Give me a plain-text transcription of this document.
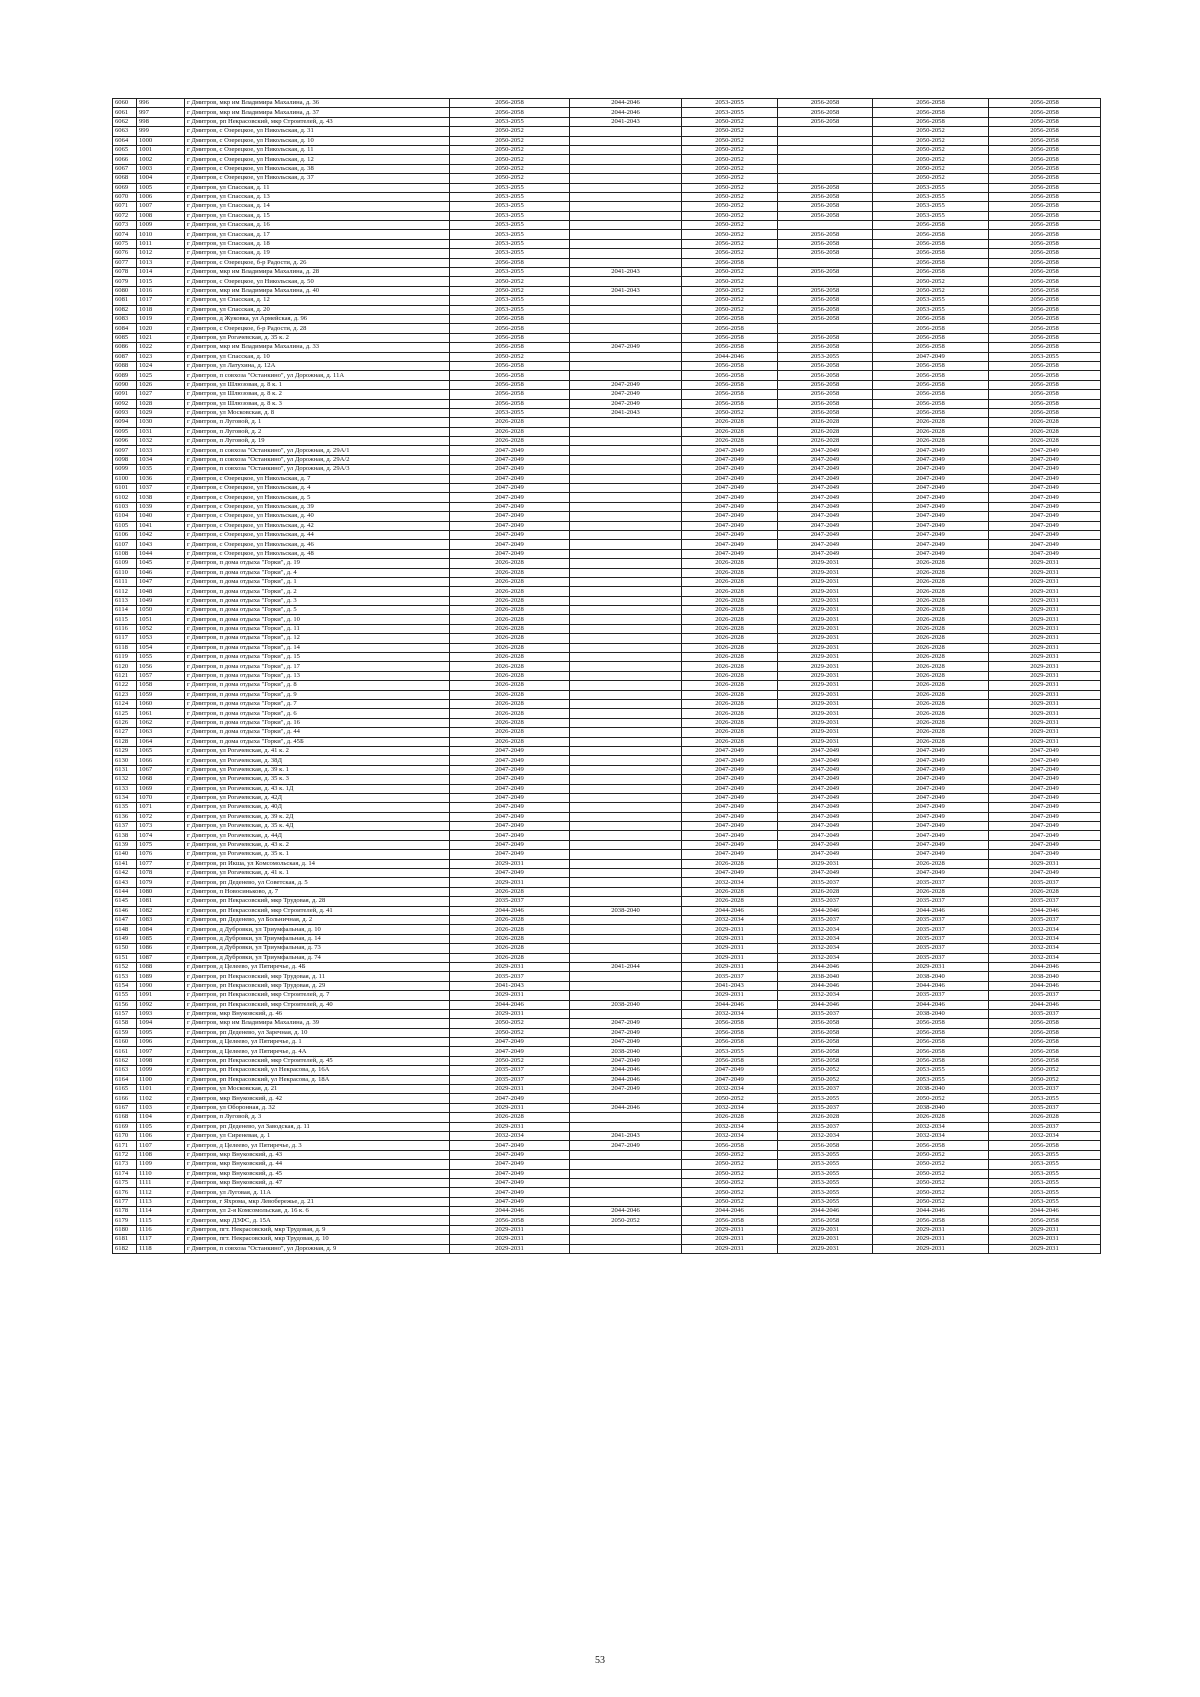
6060	996	г Дмитров, мкр им Владимира Махалина, д. 36	2056-2058	2044-2046	2053-2055	2056-2058	2056-2058	2056-2058
6061	997	г Дмитров, мкр им Владимира Махалина, д. 37	2056-2058	2044-2046	2053-2055	2056-2058	2056-2058	2056-2058
6062	998	г Дмитров, рп Некрасовский, мкр Строителей, д. 43	2053-2055	2041-2043	2050-2052	2056-2058	2056-2058	2056-2058
6063	999	г Дмитров, с Озерецкое, ул Никольская, д. 31	2050-2052		2050-2052		2050-2052	2056-2058
6064	1000	г Дмитров, с Озерецкое, ул Никольская, д. 10	2050-2052		2050-2052		2050-2052	2056-2058
6065	1001	г Дмитров, с Озерецкое, ул Никольская, д. 11	2050-2052		2050-2052		2050-2052	2056-2058
6066	1002	г Дмитров, с Озерецкое, ул Никольская, д. 12	2050-2052		2050-2052		2050-2052	2056-2058
6067	1003	г Дмитров, с Озерецкое, ул Никольская, д. 38	2050-2052		2050-2052		2050-2052	2056-2058
6068	1004	г Дмитров, с Озерецкое, ул Никольская, д. 37	2050-2052		2050-2052		2050-2052	2056-2058
6069	1005	г Дмитров, ул Спасская, д. 11	2053-2055		2050-2052	2056-2058	2053-2055	2056-2058
6070	1006	г Дмитров, ул Спасская, д. 13	2053-2055		2050-2052	2056-2058	2053-2055	2056-2058
6071	1007	г Дмитров, ул Спасская, д. 14	2053-2055		2050-2052	2056-2058	2053-2055	2056-2058
6072	1008	г Дмитров, ул Спасская, д. 15	2053-2055		2050-2052	2056-2058	2053-2055	2056-2058
6073	1009	г Дмитров, ул Спасская, д. 16	2053-2055		2050-2052		2056-2058	2056-2058
6074	1010	г Дмитров, ул Спасская, д. 17	2053-2055		2050-2052	2056-2058	2056-2058	2056-2058
6075	1011	г Дмитров, ул Спасская, д. 18	2053-2055		2056-2052	2056-2058	2056-2058	2056-2058
6076	1012	г Дмитров, ул Спасская, д. 19	2053-2055		2056-2052	2056-2058	2056-2058	2056-2058
6077	1013	г Дмитров, с Озерецкое, б-р Радости, д. 26	2056-2058		2056-2058		2056-2058	2056-2058
6078	1014	г Дмитров, мкр им Владимира Махалина, д. 28	2053-2055	2041-2043	2050-2052	2056-2058	2056-2058	2056-2058
6079	1015	г Дмитров, с Озерецкое, ул Никольская, д. 50	2050-2052		2050-2052		2050-2052	2056-2058
6080	1016	г Дмитров, мкр им Владимира Махалина, д. 40	2050-2052	2041-2043	2050-2052	2056-2058	2050-2052	2056-2058
6081	1017	г Дмитров, ул Спасская, д. 12	2053-2055		2050-2052	2056-2058	2053-2055	2056-2058
6082	1018	г Дмитров, ул Спасская, д. 20	2053-2055		2050-2052	2056-2058	2053-2055	2056-2058
6083	1019	г Дмитров, д Жуковка, ул Армейская, д. 96	2056-2058		2056-2058	2056-2058	2056-2058	2056-2058
6084	1020	г Дмитров, с Озерецкое, б-р Радости, д. 28	2056-2058		2056-2058		2056-2058	2056-2058
6085	1021	г Дмитров, ул Рогачевская, д. 35 к. 2	2056-2058		2056-2058	2056-2058	2056-2058	2056-2058
6086	1022	г Дмитров, мкр им Владимира Махалина, д. 33	2056-2058	2047-2049	2056-2058	2056-2058	2056-2058	2056-2058
6087	1023	г Дмитров, ул Спасская, д. 10	2050-2052		2044-2046	2053-2055	2047-2049	2053-2055
6088	1024	г Дмитров, ул Латухина, д. 12А	2056-2058		2056-2058	2056-2058	2056-2058	2056-2058
6089	1025	г Дмитров, п совхоза "Останкино", ул Дорожная, д. 11А	2056-2058		2056-2058	2056-2058	2056-2058	2056-2058
6090	1026	г Дмитров, ул Шлюзовая, д. 8 к. 1	2056-2058	2047-2049	2056-2058	2056-2058	2056-2058	2056-2058
6091	1027	г Дмитров, ул Шлюзовая, д. 8 к. 2	2056-2058	2047-2049	2056-2058	2056-2058	2056-2058	2056-2058
6092	1028	г Дмитров, ул Шлюзовая, д. 8 к. 3	2056-2058	2047-2049	2056-2058	2056-2058	2056-2058	2056-2058
6093	1029	г Дмитров, ул Московская, д. 8	2053-2055	2041-2043	2050-2052	2056-2058	2056-2058	2056-2058
6094	1030	г Дмитров, п Луговой, д. 1	2026-2028		2026-2028	2026-2028	2026-2028	2026-2028
6095	1031	г Дмитров, п Луговой, д. 2	2026-2028		2026-2028	2026-2028	2026-2028	2026-2028
6096	1032	г Дмитров, п Луговой, д. 19	2026-2028		2026-2028	2026-2028	2026-2028	2026-2028
6097	1033	г Дмитров, п совхоза "Останкино", ул Дорожная, д. 29А/1	2047-2049		2047-2049	2047-2049	2047-2049	2047-2049
6098	1034	г Дмитров, п совхоза "Останкино", ул Дорожная, д. 29А/2	2047-2049		2047-2049	2047-2049	2047-2049	2047-2049
6099	1035	г Дмитров, п совхоза "Останкино", ул Дорожная, д. 29А/3	2047-2049		2047-2049	2047-2049	2047-2049	2047-2049
6100	1036	г Дмитров, с Озерецкое, ул Никольская, д. 7	2047-2049		2047-2049	2047-2049	2047-2049	2047-2049
6101	1037	г Дмитров, с Озерецкое, ул Никольская, д. 4	2047-2049		2047-2049	2047-2049	2047-2049	2047-2049
6102	1038	г Дмитров, с Озерецкое, ул Никольская, д. 5	2047-2049		2047-2049	2047-2049	2047-2049	2047-2049
6103	1039	г Дмитров, с Озерецкое, ул Никольская, д. 39	2047-2049		2047-2049	2047-2049	2047-2049	2047-2049
6104	1040	г Дмитров, с Озерецкое, ул Никольская, д. 40	2047-2049		2047-2049	2047-2049	2047-2049	2047-2049
6105	1041	г Дмитров, с Озерецкое, ул Никольская, д. 42	2047-2049		2047-2049	2047-2049	2047-2049	2047-2049
6106	1042	г Дмитров, с Озерецкое, ул Никольская, д. 44	2047-2049		2047-2049	2047-2049	2047-2049	2047-2049
6107	1043	г Дмитров, с Озерецкое, ул Никольская, д. 46	2047-2049		2047-2049	2047-2049	2047-2049	2047-2049
6108	1044	г Дмитров, с Озерецкое, ул Никольская, д. 48	2047-2049		2047-2049	2047-2049	2047-2049	2047-2049
6109	1045	г Дмитров, п дома отдыха "Горки", д. 19	2026-2028		2026-2028	2029-2031	2026-2028	2029-2031
6110	1046	г Дмитров, п дома отдыха "Горки", д. 4	2026-2028		2026-2028	2029-2031	2026-2028	2029-2031
6111	1047	г Дмитров, п дома отдыха "Горки", д. 1	2026-2028		2026-2028	2029-2031	2026-2028	2029-2031
6112	1048	г Дмитров, п дома отдыха "Горки", д. 2	2026-2028		2026-2028	2029-2031	2026-2028	2029-2031
6113	1049	г Дмитров, п дома отдыха "Горки", д. 3	2026-2028		2026-2028	2029-2031	2026-2028	2029-2031
6114	1050	г Дмитров, п дома отдыха "Горки", д. 5	2026-2028		2026-2028	2029-2031	2026-2028	2029-2031
6115	1051	г Дмитров, п дома отдыха "Горки", д. 10	2026-2028		2026-2028	2029-2031	2026-2028	2029-2031
6116	1052	г Дмитров, п дома отдыха "Горки", д. 11	2026-2028		2026-2028	2029-2031	2026-2028	2029-2031
6117	1053	г Дмитров, п дома отдыха "Горки", д. 12	2026-2028		2026-2028	2029-2031	2026-2028	2029-2031
6118	1054	г Дмитров, п дома отдыха "Горки", д. 14	2026-2028		2026-2028	2029-2031	2026-2028	2029-2031
6119	1055	г Дмитров, п дома отдыха "Горки", д. 15	2026-2028		2026-2028	2029-2031	2026-2028	2029-2031
6120	1056	г Дмитров, п дома отдыха "Горки", д. 17	2026-2028		2026-2028	2029-2031	2026-2028	2029-2031
6121	1057	г Дмитров, п дома отдыха "Горки", д. 13	2026-2028		2026-2028	2029-2031	2026-2028	2029-2031
6122	1058	г Дмитров, п дома отдыха "Горки", д. 8	2026-2028		2026-2028	2029-2031	2026-2028	2029-2031
6123	1059	г Дмитров, п дома отдыха "Горки", д. 9	2026-2028		2026-2028	2029-2031	2026-2028	2029-2031
6124	1060	г Дмитров, п дома отдыха "Горки", д. 7	2026-2028		2026-2028	2029-2031	2026-2028	2029-2031
6125	1061	г Дмитров, п дома отдыха "Горки", д. 6	2026-2028		2026-2028	2029-2031	2026-2028	2029-2031
6126	1062	г Дмитров, п дома отдыха "Горки", д. 16	2026-2028		2026-2028	2029-2031	2026-2028	2029-2031
6127	1063	г Дмитров, п дома отдыха "Горки", д. 44	2026-2028		2026-2028	2029-2031	2026-2028	2029-2031
6128	1064	г Дмитров, п дома отдыха "Горки", д. 45Б	2026-2028		2026-2028	2029-2031	2026-2028	2029-2031
6129	1065	г Дмитров, ул Рогачевская, д. 41 к. 2	2047-2049		2047-2049	2047-2049	2047-2049	2047-2049
6130	1066	г Дмитров, ул Рогачевская, д. 38Д	2047-2049		2047-2049	2047-2049	2047-2049	2047-2049
6131	1067	г Дмитров, ул Рогачевская, д. 39 к. 1	2047-2049		2047-2049	2047-2049	2047-2049	2047-2049
6132	1068	г Дмитров, ул Рогачевская, д. 35 к. 3	2047-2049		2047-2049	2047-2049	2047-2049	2047-2049
6133	1069	г Дмитров, ул Рогачевская, д. 43 к. 1Д	2047-2049		2047-2049	2047-2049	2047-2049	2047-2049
6134	1070	г Дмитров, ул Рогачевская, д. 42Д	2047-2049		2047-2049	2047-2049	2047-2049	2047-2049
6135	1071	г Дмитров, ул Рогачевская, д. 40Д	2047-2049		2047-2049	2047-2049	2047-2049	2047-2049
6136	1072	г Дмитров, ул Рогачевская, д. 39 к. 2Д	2047-2049		2047-2049	2047-2049	2047-2049	2047-2049
6137	1073	г Дмитров, ул Рогачевская, д. 35 к. 4Д	2047-2049		2047-2049	2047-2049	2047-2049	2047-2049
6138	1074	г Дмитров, ул Рогачевская, д. 44Д	2047-2049		2047-2049	2047-2049	2047-2049	2047-2049
6139	1075	г Дмитров, ул Рогачевская, д. 43 к. 2	2047-2049		2047-2049	2047-2049	2047-2049	2047-2049
6140	1076	г Дмитров, ул Рогачевская, д. 35 к. 1	2047-2049		2047-2049	2047-2049	2047-2049	2047-2049
6141	1077	г Дмитров, рп Икша, ул Комсомольская, д. 14	2029-2031		2026-2028	2029-2031	2026-2028	2029-2031
6142	1078	г Дмитров, ул Рогачевская, д. 41 к. 1	2047-2049		2047-2049	2047-2049	2047-2049	2047-2049
6143	1079	г Дмитров, рп Деденево, ул Советская, д. 5	2029-2031		2032-2034	2035-2037	2035-2037	2035-2037
6144	1080	г Дмитров, п Новосиньково, д. 7	2026-2028		2026-2028	2026-2028	2026-2028	2026-2028
6145	1081	г Дмитров, рп Некрасовский, мкр Трудовая, д. 28	2035-2037		2026-2028	2035-2037	2035-2037	2035-2037
6146	1082	г Дмитров, рп Некрасовский, мкр Строителей, д. 41	2044-2046	2038-2040	2044-2046	2044-2046	2044-2046	2044-2046
6147	1083	г Дмитров, рп Деденево, ул Больничная, д. 2	2026-2028		2032-2034	2035-2037	2035-2037	2035-2037
6148	1084	г Дмитров, д Дубровки, ул Триумфальная, д. 10	2026-2028		2029-2031	2032-2034	2035-2037	2032-2034
6149	1085	г Дмитров, д Дубровки, ул Триумфальная, д. 14	2026-2028		2029-2031	2032-2034	2035-2037	2032-2034
6150	1086	г Дмитров, д Дубровки, ул Триумфальная, д. 73	2026-2028		2029-2031	2032-2034	2035-2037	2032-2034
6151	1087	г Дмитров, д Дубровки, ул Триумфальная, д. 74	2026-2028		2029-2031	2032-2034	2035-2037	2032-2034
6152	1088	г Дмитров, д Целеево, ул Пятиречье, д. 4Б	2029-2031	2041-2044	2029-2031	2044-2046	2029-2031	2044-2046
6153	1089	г Дмитров, рп Некрасовский, мкр Трудовая, д. 11	2035-2037		2035-2037	2038-2040	2038-2040	2038-2040
6154	1090	г Дмитров, рп Некрасовский, мкр Трудовая, д. 29	2041-2043		2041-2043	2044-2046	2044-2046	2044-2046
6155	1091	г Дмитров, рп Некрасовский, мкр Строителей, д. 7	2029-2031		2029-2031	2032-2034	2035-2037	2035-2037
6156	1092	г Дмитров, рп Некрасовский, мкр Строителей, д. 40	2044-2046	2038-2040	2044-2046	2044-2046	2044-2046	2044-2046
6157	1093	г Дмитров, мкр Внуковский, д. 46	2029-2031		2032-2034	2035-2037	2038-2040	2035-2037
6158	1094	г Дмитров, мкр им Владимира Махалина, д. 39	2050-2052	2047-2049	2056-2058	2056-2058	2056-2058	2056-2058
6159	1095	г Дмитров, рп Деденево, ул Заречная, д. 10	2050-2052	2047-2049	2056-2058	2056-2058	2056-2058	2056-2058
6160	1096	г Дмитров, д Целеево, ул Пятиречье, д. 1	2047-2049	2047-2049	2056-2058	2056-2058	2056-2058	2056-2058
6161	1097	г Дмитров, д Целеево, ул Пятиречье, д. 4А	2047-2049	2038-2040	2053-2055	2056-2058	2056-2058	2056-2058
6162	1098	г Дмитров, рп Некрасовский, мкр Строителей, д. 45	2050-2052	2047-2049	2056-2058	2056-2058	2056-2058	2056-2058
6163	1099	г Дмитров, рп Некрасовский, ул Некрасова, д. 16А	2035-2037	2044-2046	2047-2049	2050-2052	2053-2055	2050-2052
6164	1100	г Дмитров, рп Некрасовский, ул Некрасова, д. 18А	2035-2037	2044-2046	2047-2049	2050-2052	2053-2055	2050-2052
6165	1101	г Дмитров, ул Московская, д. 21	2029-2031	2047-2049	2032-2034	2035-2037	2038-2040	2035-2037
6166	1102	г Дмитров, мкр Внуковский, д. 42	2047-2049		2050-2052	2053-2055	2050-2052	2053-2055
6167	1103	г Дмитров, ул Оборонная, д. 32	2029-2031	2044-2046	2032-2034	2035-2037	2038-2040	2035-2037
6168	1104	г Дмитров, п Луговой, д. 3	2026-2028		2026-2028	2026-2028	2026-2028	2026-2028
6169	1105	г Дмитров, рп Деденево, ул Заводская, д. 11	2029-2031		2032-2034	2035-2037	2032-2034	2035-2037
6170	1106	г Дмитров, ул Сиреневая, д. 1	2032-2034	2041-2043	2032-2034	2032-2034	2032-2034	2032-2034
6171	1107	г Дмитров, д Целеево, ул Пятиречье, д. 3	2047-2049	2047-2049	2056-2058	2056-2058	2056-2058	2056-2058
6172	1108	г Дмитров, мкр Внуковский, д. 43	2047-2049		2050-2052	2053-2055	2050-2052	2053-2055
6173	1109	г Дмитров, мкр Внуковский, д. 44	2047-2049		2050-2052	2053-2055	2050-2052	2053-2055
6174	1110	г Дмитров, мкр Внуковский, д. 45	2047-2049		2050-2052	2053-2055	2050-2052	2053-2055
6175	1111	г Дмитров, мкр Внуковский, д. 47	2047-2049		2050-2052	2053-2055	2050-2052	2053-2055
6176	1112	г Дмитров, ул Луговая, д. 11А	2047-2049		2050-2052	2053-2055	2050-2052	2053-2055
6177	1113	г Дмитров, г Яхрома, мкр Левобережье, д. 21	2047-2049		2050-2052	2053-2055	2050-2052	2053-2055
6178	1114	г Дмитров, ул 2-я Комсомольская, д. 16 к. 6	2044-2046	2044-2046	2044-2046	2044-2046	2044-2046	2044-2046
6179	1115	г Дмитров, мкр ДЗФС, д. 15А	2056-2058	2050-2052	2056-2058	2056-2058	2056-2058	2056-2058
6180	1116	г Дмитров, пгт. Некрасовский, мкр Трудовая, д. 9	2029-2031		2029-2031	2029-2031	2029-2031	2029-2031
6181	1117	г Дмитров, пгт. Некрасовский, мкр Трудовая, д. 10	2029-2031		2029-2031	2029-2031	2029-2031	2029-2031
6182	1118	г Дмитров, п совхоза "Останкино", ул Дорожная, д. 9	2029-2031		2029-2031	2029-2031	2029-2031	2029-2031
53
